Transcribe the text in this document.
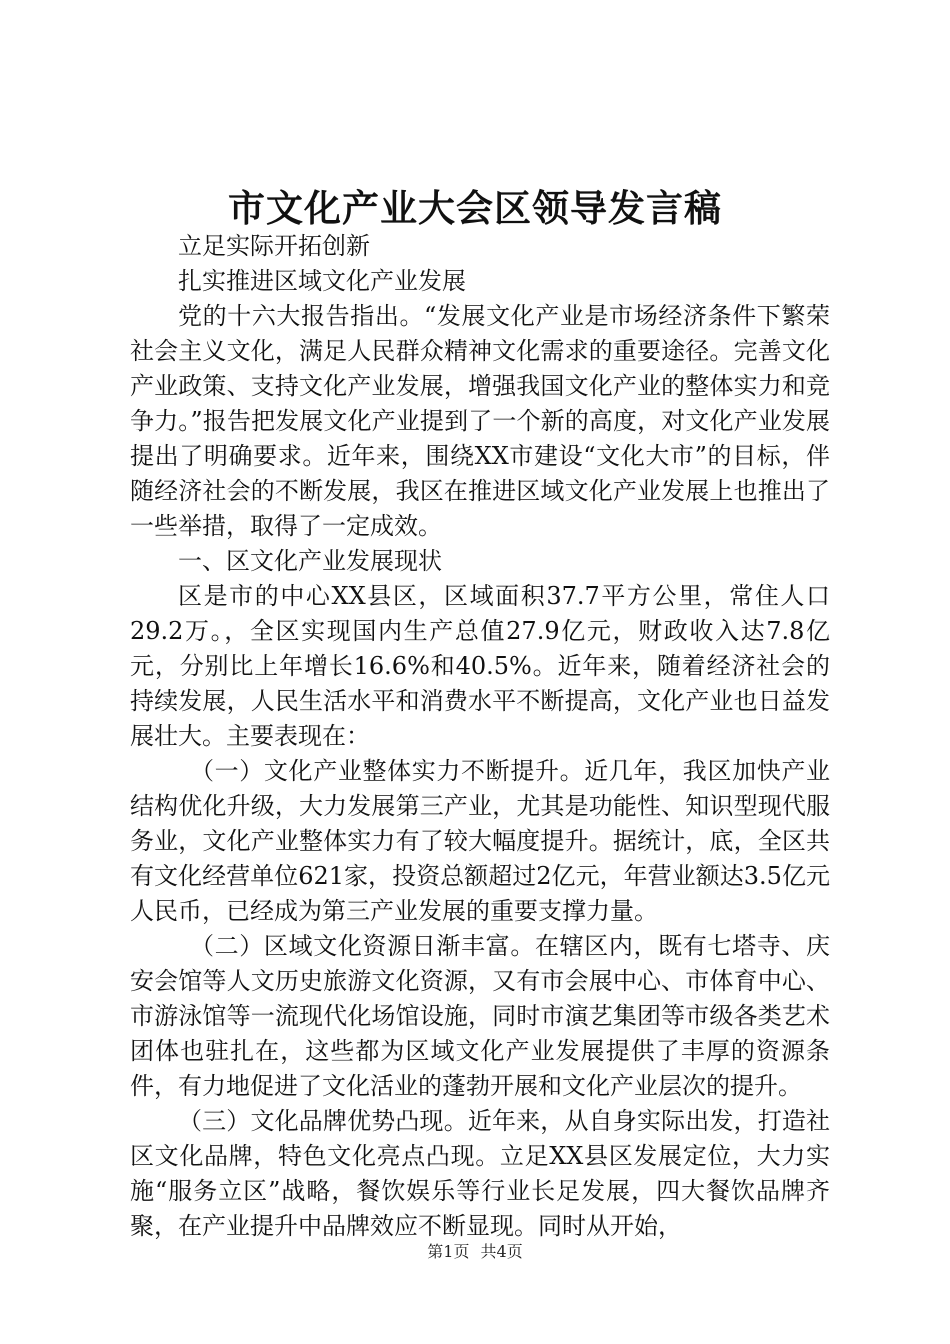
市文化产业大会区领导发言稿

立足实际开拓创新

扎实推进区域文化产业发展

党的十六大报告指出。“发展文化产业是市场经济条件下繁荣社会主义文化，满足人民群众精神文化需求的重要途径。完善文化产业政策、支持文化产业发展，增强我国文化产业的整体实力和竞争力。”报告把发展文化产业提到了一个新的高度，对文化产业发展提出了明确要求。近年来，围绕XX市建设“文化大市”的目标，伴随经济社会的不断发展，我区在推进区域文化产业发展上也推出了一些举措，取得了一定成效。

一、区文化产业发展现状

区是市的中心XX县区，区域面积37.7平方公里，常住人口29.2万。，全区实现国内生产总值27.9亿元，财政收入达7.8亿元，分别比上年增长16.6%和40.5%。近年来，随着经济社会的持续发展，人民生活水平和消费水平不断提高，文化产业也日益发展壮大。主要表现在：

（一）文化产业整体实力不断提升。近几年，我区加快产业结构优化升级，大力发展第三产业，尤其是功能性、知识型现代服务业，文化产业整体实力有了较大幅度提升。据统计，底，全区共有文化经营单位621家，投资总额超过2亿元，年营业额达3.5亿元人民币，已经成为第三产业发展的重要支撑力量。

（二）区域文化资源日渐丰富。在辖区内，既有七塔寺、庆安会馆等人文历史旅游文化资源，又有市会展中心、市体育中心、市游泳馆等一流现代化场馆设施，同时市演艺集团等市级各类艺术团体也驻扎在，这些都为区域文化产业发展提供了丰厚的资源条件，有力地促进了文化活业的蓬勃开展和文化产业层次的提升。

（三）文化品牌优势凸现。近年来，从自身实际出发，打造社区文化品牌，特色文化亮点凸现。立足XX县区发展定位，大力实施“服务立区”战略，餐饮娱乐等行业长足发展，四大餐饮品牌齐聚，在产业提升中品牌效应不断显现。同时从开始，

第1页 共4页
